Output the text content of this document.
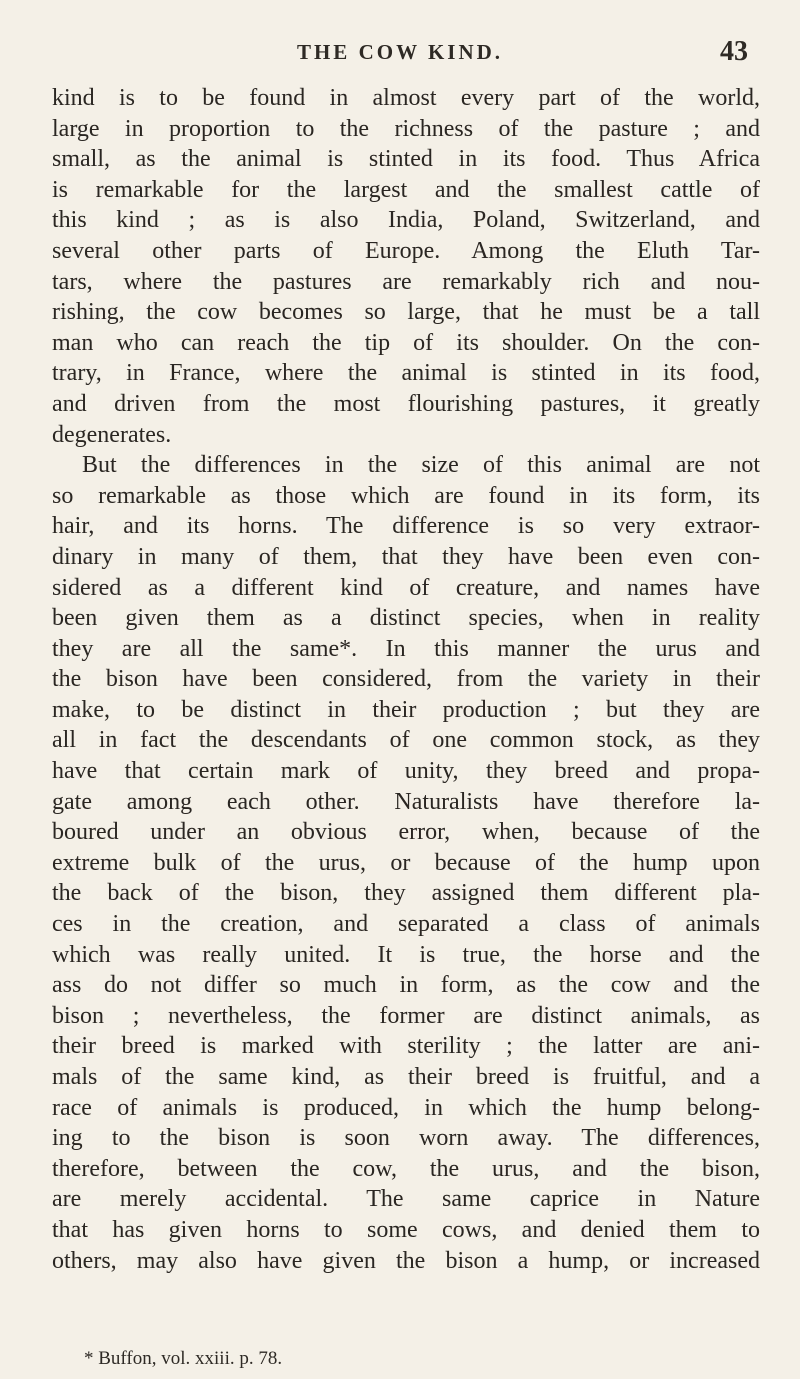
THE COW KIND.	43
kind is to be found in almost every part of the world,
large in proportion to the richness of the pasture ; and
small, as the animal is stinted in its food. Thus Africa
is remarkable for the largest and the smallest cattle of
this kind ; as is also India, Poland, Switzerland, and
several other parts of Europe. Among the Eluth Tar-
tars, where the pastures are remarkably rich and nou-
rishing, the cow becomes so large, that he must be a tall
man who can reach the tip of its shoulder. On the con-
trary, in France, where the animal is stinted in its food,
and driven from the most flourishing pastures, it greatly
degenerates.
But the differences in the size of this animal are not
so remarkable as those which are found in its form, its
hair, and its horns. The difference is so very extraor-
dinary in many of them, that they have been even con-
sidered as a different kind of creature, and names have
been given them as a distinct species, when in reality
they are all the same*. In this manner the urus and
the bison have been considered, from the variety in their
make, to be distinct in their production ; but they are
all in fact the descendants of one common stock, as they
have that certain mark of unity, they breed and propa-
gate among each other. Naturalists have therefore la-
boured under an obvious error, when, because of the
extreme bulk of the urus, or because of the hump upon
the back of the bison, they assigned them different pla-
ces in the creation, and separated a class of animals
which was really united. It is true, the horse and the
ass do not differ so much in form, as the cow and the
bison ; nevertheless, the former are distinct animals, as
their breed is marked with sterility ; the latter are ani-
mals of the same kind, as their breed is fruitful, and a
race of animals is produced, in which the hump belong-
ing to the bison is soon worn away. The differences,
therefore, between the cow, the urus, and the bison,
are merely accidental. The same caprice in Nature
that has given horns to some cows, and denied them to
others, may also have given the bison a hump, or increased
* Buffon, vol. xxiii. p. 78.
